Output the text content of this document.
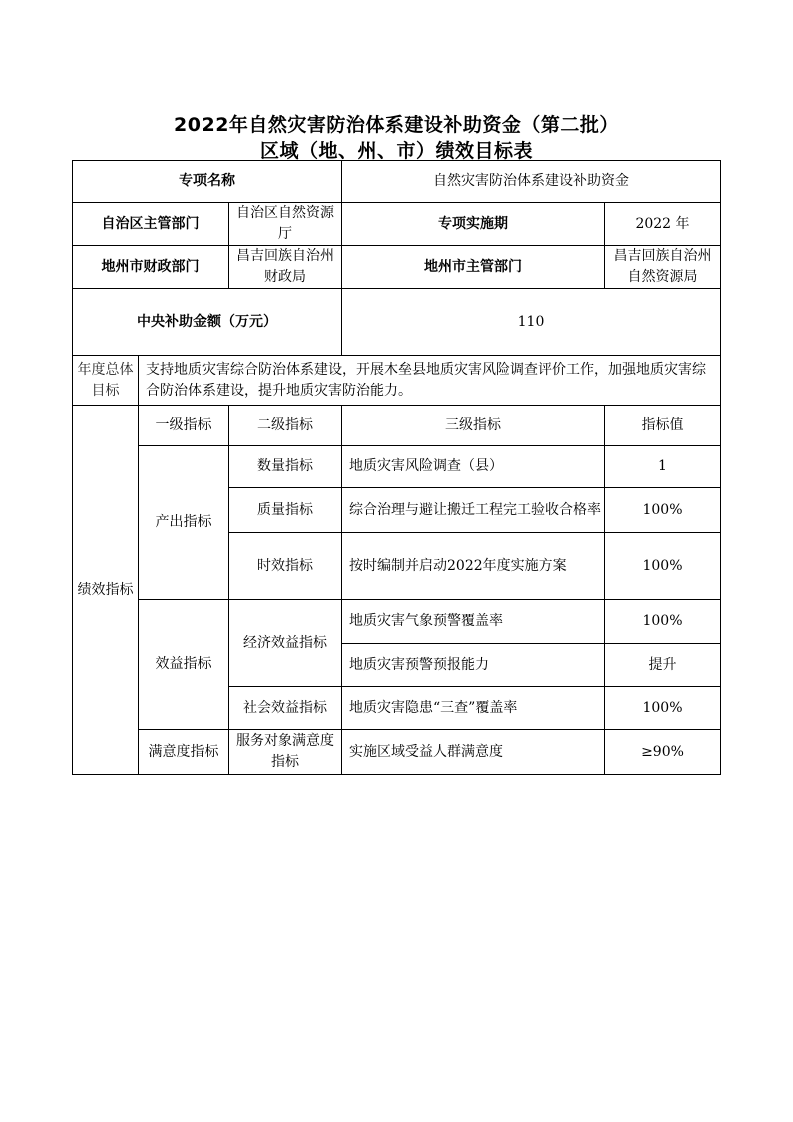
2022年自然灾害防治体系建设补助资金（第二批）
区域（地、州、市）绩效目标表
专项名称			自然灾害防治体系建设补助资金	
自治区主管部门		自治区自然资源厅	专项实施期	2022 年
地州市财政部门		昌吉回族自治州财政局	地州市主管部门	昌吉回族自治州自然资源局
中央补助金额（万元）			110	
年度总体目标	支持地质灾害综合防治体系建设，开展木垒县地质灾害风险调查评价工作，加强地质灾害综合防治体系建设，提升地质灾害防治能力。			
绩效指标	一级指标	二级指标	三级指标	指标值
	产出指标	数量指标	地质灾害风险调查（县）	1
		质量指标	综合治理与避让搬迁工程完工验收合格率	100%
		时效指标	按时编制并启动2022年度实施方案	100%
	效益指标	经济效益指标	地质灾害气象预警覆盖率	100%
			地质灾害预警预报能力	提升
		社会效益指标	地质灾害隐患“三查”覆盖率	100%
	满意度指标	服务对象满意度指标	实施区域受益人群满意度	≥90%
